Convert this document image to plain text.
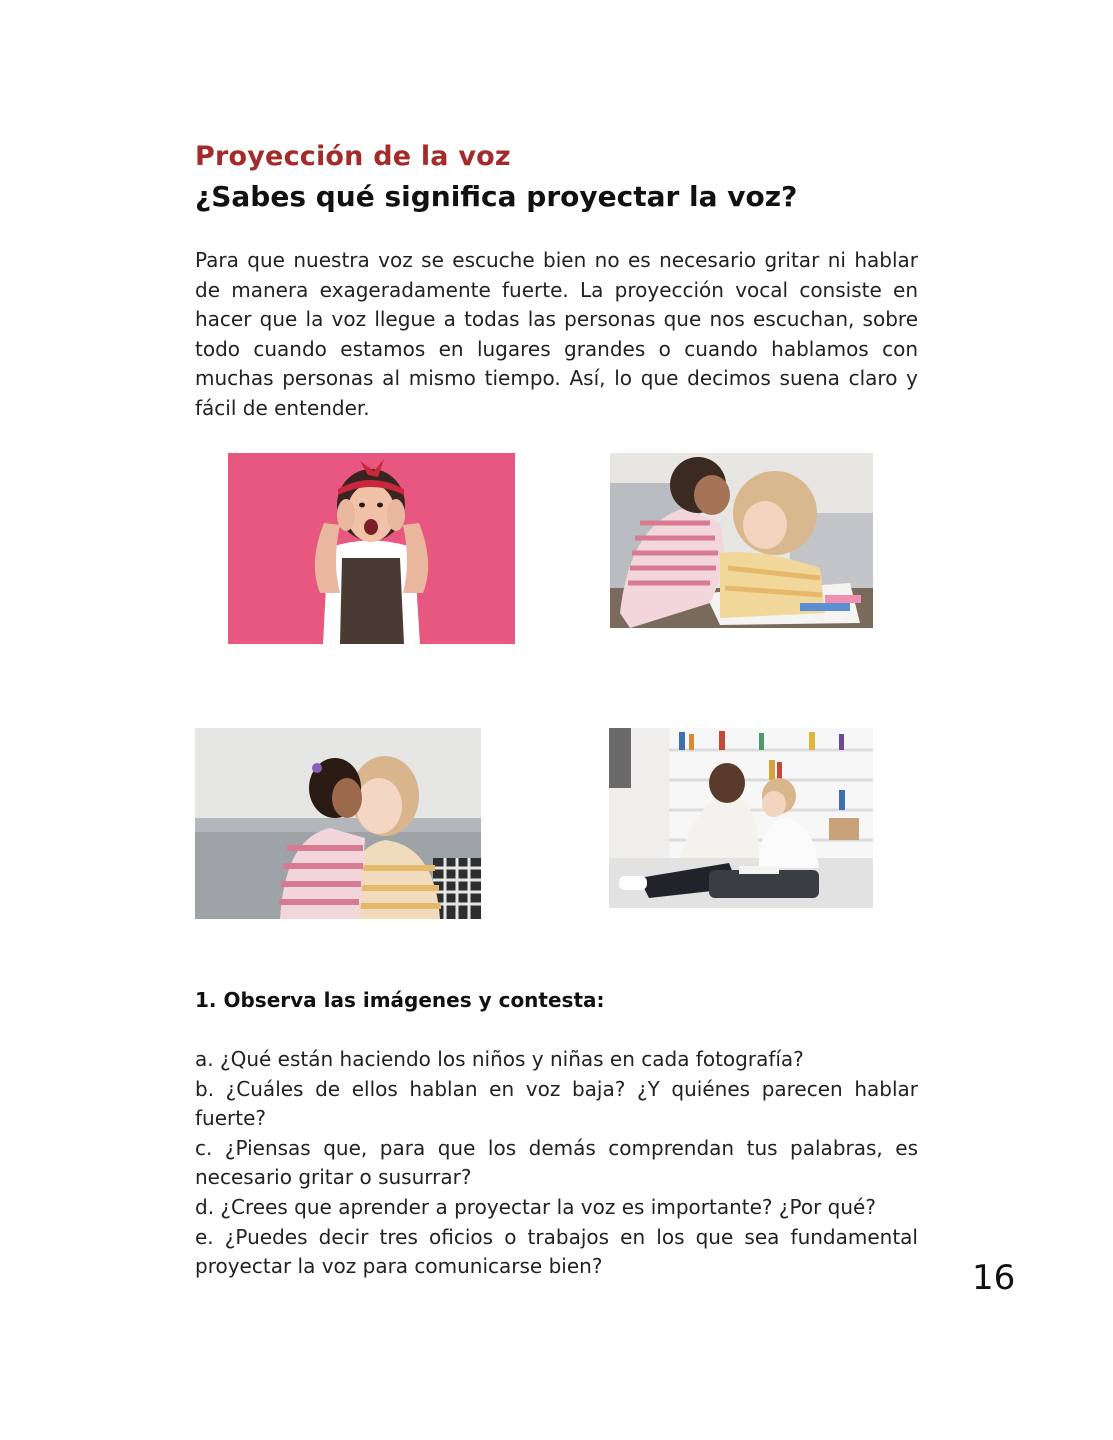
Proyección de la voz
¿Sabes qué significa proyectar la voz?

Para que nuestra voz se escuche bien no es necesario gritar ni hablar de manera exageradamente fuerte. La proyección vocal consiste en hacer que la voz llegue a todas las personas que nos escuchan, sobre todo cuando estamos en lugares grandes o cuando hablamos con muchas personas al mismo tiempo. Así, lo que decimos suena claro y fácil de entender.

1. Observa las imágenes y contesta:
a. ¿Qué están haciendo los niños y niñas en cada fotografía?
b. ¿Cuáles de ellos hablan en voz baja? ¿Y quiénes parecen hablar fuerte?
c. ¿Piensas que, para que los demás comprendan tus palabras, es necesario gritar o susurrar?
d. ¿Crees que aprender a proyectar la voz es importante? ¿Por qué?
e. ¿Puedes decir tres oficios o trabajos en los que sea fundamental proyectar la voz para comunicarse bien?	16
